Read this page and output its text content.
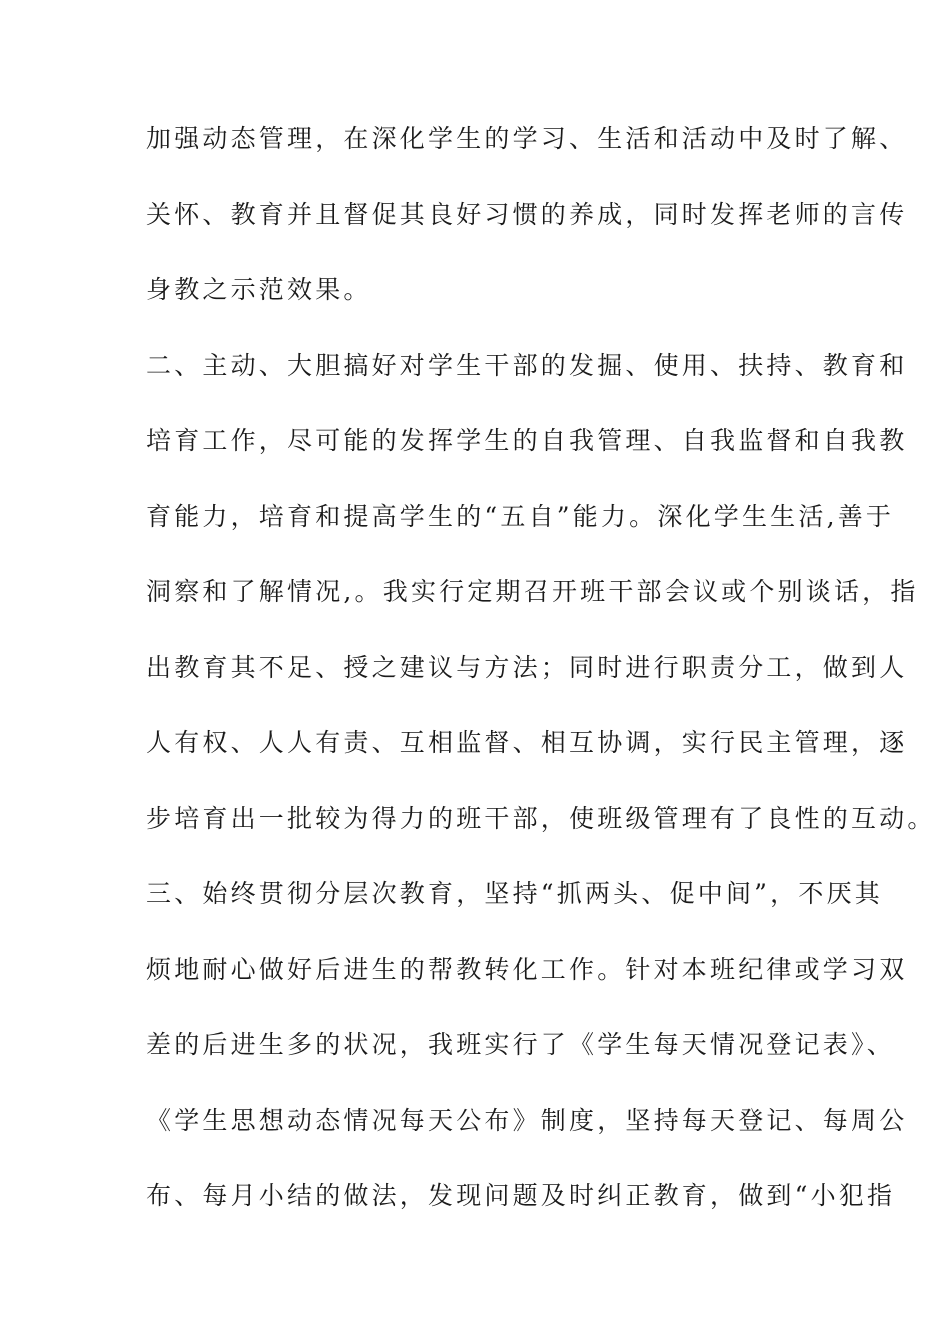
加强动态管理，在深化学生的学习、生活和活动中及时了解、

关怀、教育并且督促其良好习惯的养成，同时发挥老师的言传

身教之示范效果。

二、主动、大胆搞好对学生干部的发掘、使用、扶持、教育和

培育工作，尽可能的发挥学生的自我管理、自我监督和自我教

育能力，培育和提高学生的“五自”能力。深化学生生活,善于

洞察和了解情况,。我实行定期召开班干部会议或个别谈话，指

出教育其不足、授之建议与方法；同时进行职责分工，做到人

人有权、人人有责、互相监督、相互协调，实行民主管理，逐

步培育出一批较为得力的班干部，使班级管理有了良性的互动。

三、始终贯彻分层次教育，坚持“抓两头、促中间”，不厌其

烦地耐心做好后进生的帮教转化工作。针对本班纪律或学习双

差的后进生多的状况，我班实行了《学生每天情况登记表》、

《学生思想动态情况每天公布》制度，坚持每天登记、每周公

布、每月小结的做法，发现问题及时纠正教育，做到“小犯指
